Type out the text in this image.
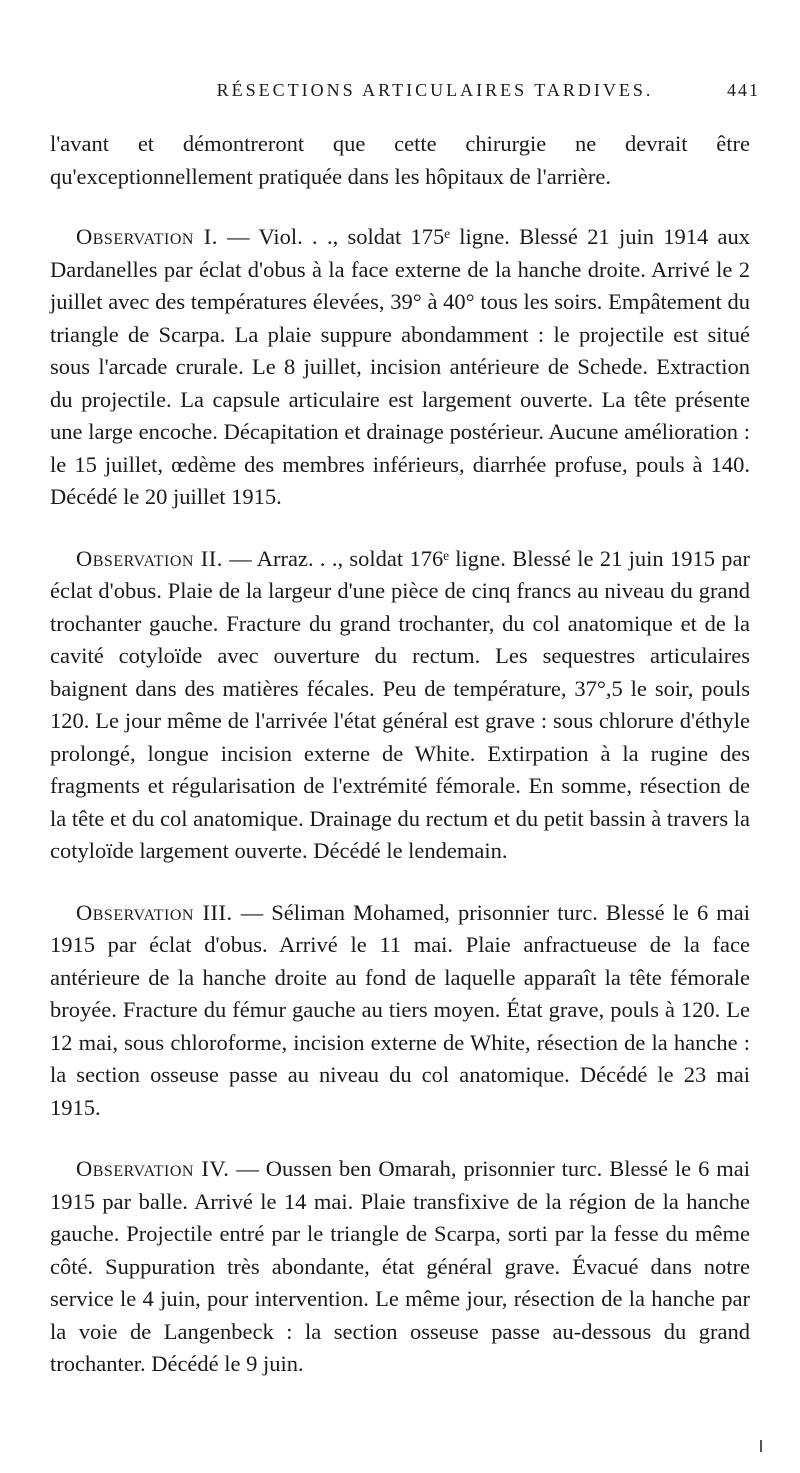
RÉSECTIONS ARTICULAIRES TARDIVES.	441

l'avant et démontreront que cette chirurgie ne devrait être qu'exceptionnellement pratiquée dans les hôpitaux de l'arrière.

Observation I. — Viol. . ., soldat 175ᵉ ligne. Blessé 21 juin 1914 aux Dardanelles par éclat d'obus à la face externe de la hanche droite. Arrivé le 2 juillet avec des températures élevées, 39° à 40° tous les soirs. Empâtement du triangle de Scarpa. La plaie suppure abondamment : le projectile est situé sous l'arcade crurale. Le 8 juillet, incision antérieure de Schede. Extraction du projectile. La capsule articulaire est largement ouverte. La tête présente une large encoche. Décapitation et drainage postérieur. Aucune amélioration : le 15 juillet, œdème des membres inférieurs, diarrhée profuse, pouls à 140. Décédé le 20 juillet 1915.

Observation II. — Arraz. . ., soldat 176ᵉ ligne. Blessé le 21 juin 1915 par éclat d'obus. Plaie de la largeur d'une pièce de cinq francs au niveau du grand trochanter gauche. Fracture du grand trochanter, du col anatomique et de la cavité cotyloïde avec ouverture du rectum. Les sequestres articulaires baignent dans des matières fécales. Peu de température, 37°,5 le soir, pouls 120. Le jour même de l'arrivée l'état général est grave : sous chlorure d'éthyle prolongé, longue incision externe de White. Extirpation à la rugine des fragments et régularisation de l'extrémité fémorale. En somme, résection de la tête et du col anatomique. Drainage du rectum et du petit bassin à travers la cotyloïde largement ouverte. Décédé le lendemain.

Observation III. — Séliman Mohamed, prisonnier turc. Blessé le 6 mai 1915 par éclat d'obus. Arrivé le 11 mai. Plaie anfractueuse de la face antérieure de la hanche droite au fond de laquelle apparaît la tête fémorale broyée. Fracture du fémur gauche au tiers moyen. État grave, pouls à 120. Le 12 mai, sous chloroforme, incision externe de White, résection de la hanche : la section osseuse passe au niveau du col anatomique. Décédé le 23 mai 1915.

Observation IV. — Oussen ben Omarah, prisonnier turc. Blessé le 6 mai 1915 par balle. Arrivé le 14 mai. Plaie transfixive de la région de la hanche gauche. Projectile entré par le triangle de Scarpa, sorti par la fesse du même côté. Suppuration très abondante, état général grave. Évacué dans notre service le 4 juin, pour intervention. Le même jour, résection de la hanche par la voie de Langenbeck : la section osseuse passe au-dessous du grand trochanter. Décédé le 9 juin.
